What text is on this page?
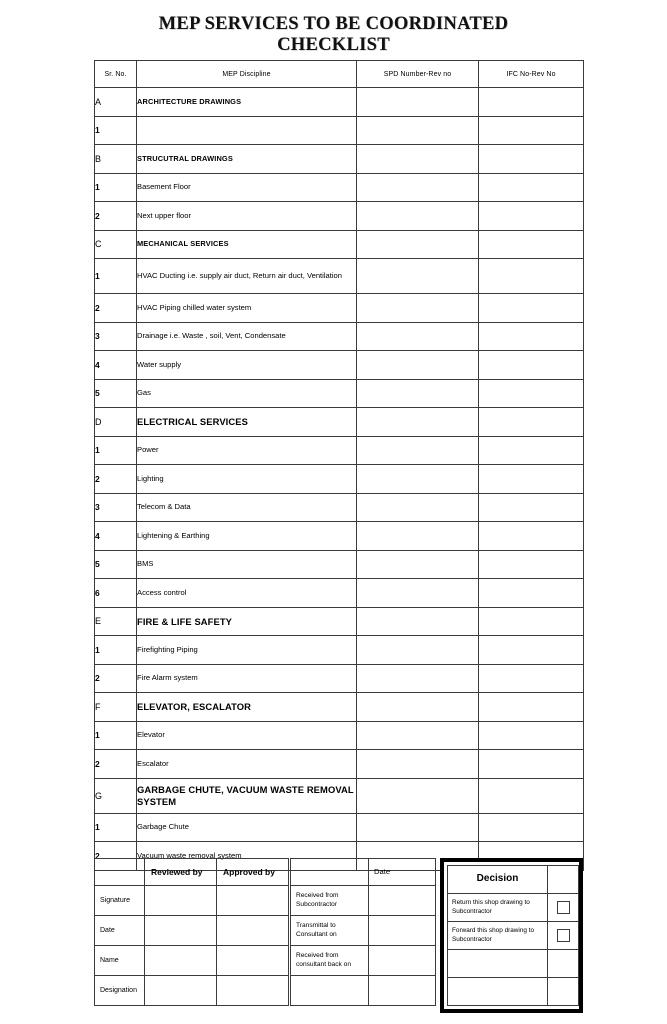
MEP SERVICES TO BE COORDINATED
CHECKLIST
Sr. No.	MEP Discipline	SPD Number-Rev no	IFC No-Rev No
A	ARCHITECTURE DRAWINGS		
1			
B	STRUCUTRAL DRAWINGS		
1	Basement Floor		
2	Next upper floor		
C	MECHANICAL SERVICES		
1	HVAC Ducting i.e. supply air duct, Return air duct, Ventilation		
2	HVAC Piping chilled water system		
3	Drainage i.e. Waste , soil, Vent, Condensate		
4	Water supply		
5	Gas		
D	ELECTRICAL SERVICES		
1	Power		
2	Lighting		
3	Telecom & Data		
4	Lightening & Earthing		
5	BMS		
6	Access control		
E	FIRE & LIFE SAFETY		
1	Firefighting Piping		
2	Fire Alarm system		
F	ELEVATOR, ESCALATOR		
1	Elevator		
2	Escalator		
G	GARBAGE CHUTE, VACUUM WASTE REMOVAL SYSTEM		
1	Garbage Chute		
2	Vacuum waste removal system		
	Reviewed by	Approved by
Signature		
Date		
Name		
Designation		
	Date
Received from Subcontractor	
Transmittal to Consultant on	
Received from consultant back on	

Decision	
Return this shop drawing to Subcontractor	
Forward this shop drawing to Subcontractor	
